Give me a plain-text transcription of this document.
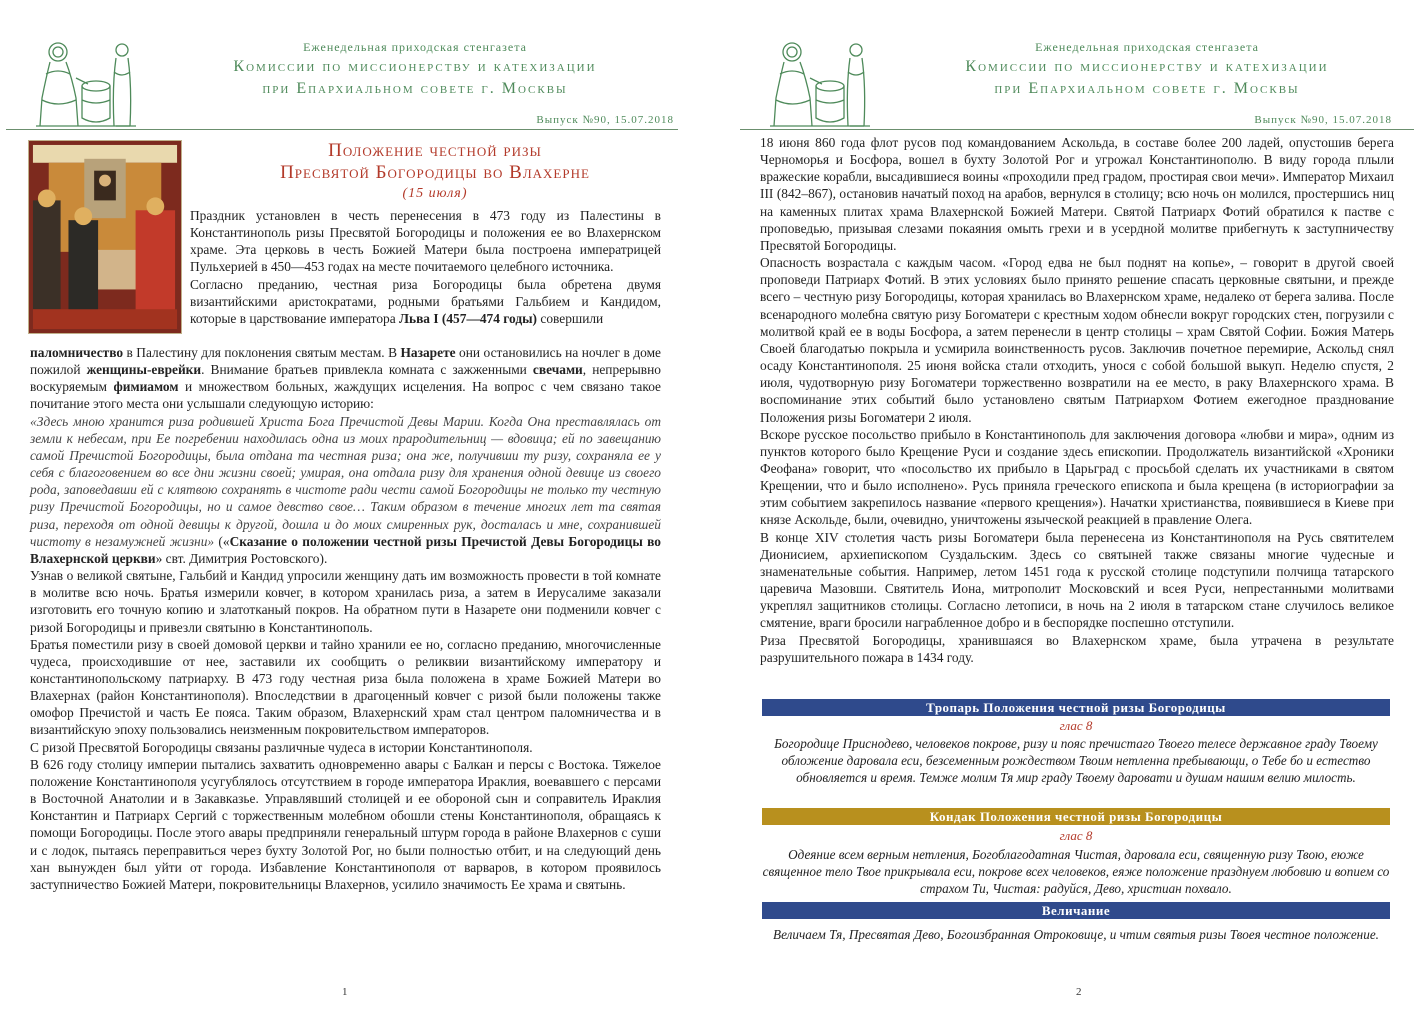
Еженедельная приходская стенгазета
Комиссии по миссионерству и катехизации
при Епархиальном совете г. Москвы
Выпуск №90, 15.07.2018
Положение честной ризы
Пресвятой Богородицы во Влахерне
(15 июля)

Праздник установлен в честь перенесения в 473 году из Палестины в Константинополь ризы Пресвятой Богородицы и положения ее во Влахернском храме. Эта церковь в честь Божией Матери была построена императрицей Пульхерией в 450—453 годах на месте почитаемого целебного источника.

Согласно преданию, честная риза Богородицы была обретена двумя византийскими аристократами, родными братьями Гальбием и Кандидом, которые в царствование императора Льва I (457—474 годы) совершили

паломничество в Палестину для поклонения святым местам. В Назарете они остановились на ночлег в доме пожилой женщины-еврейки. Внимание братьев привлекла комната с зажженными свечами, непрерывно воскуряемым фимиамом и множеством больных, жаждущих исцеления. На вопрос с чем связано такое почитание этого места они услышали следующую историю:

«Здесь мною хранится риза родившей Христа Бога Пречистой Девы Марии. Когда Она преставлялась от земли к небесам, при Ее погребении находилась одна из моих прародительниц — вдовица; ей по завещанию самой Пречистой Богородицы, была отдана та честная риза; она же, получивши ту ризу, сохраняла ее у себя с благоговением во все дни жизни своей; умирая, она отдала ризу для хранения одной девице из своего рода, заповедавши ей с клятвою сохранять в чистоте ради чести самой Богородицы не только ту честную ризу Пречистой Богородицы, но и самое девство свое… Таким образом в течение многих лет та святая риза, переходя от одной девицы к другой, дошла и до моих смиренных рук, досталась и мне, сохранившей чистоту в незамужней жизни» («Сказание о положении честной ризы Пречистой Девы Богородицы во Влахернской церкви» свт. Димитрия Ростовского).

Узнав о великой святыне, Гальбий и Кандид упросили женщину дать им возможность провести в той комнате в молитве всю ночь. Братья измерили ковчег, в котором хранилась риза, а затем в Иерусалиме заказали изготовить его точную копию и златотканый покров. На обратном пути в Назарете они подменили ковчег с ризой Богородицы и привезли святыню в Константинополь.

Братья поместили ризу в своей домовой церкви и тайно хранили ее но, согласно преданию, многочисленные чудеса, происходившие от нее, заставили их сообщить о реликвии византийскому императору и константинопольскому патриарху. В 473 году честная риза была положена в храме Божией Матери во Влахернах (район Константинополя). Впоследствии в драгоценный ковчег с ризой были положены также омофор Пречистой и часть Ее пояса. Таким образом, Влахернский храм стал центром паломничества и в византийскую эпоху пользовались неизменным покровительством императоров.

С ризой Пресвятой Богородицы связаны различные чудеса в истории Константинополя.

В 626 году столицу империи пытались захватить одновременно авары с Балкан и персы с Востока. Тяжелое положение Константинополя усугублялось отсутствием в городе императора Ираклия, воевавшего с персами в Восточной Анатолии и в Закавказье. Управлявший столицей и ее обороной сын и соправитель Ираклия Константин и Патриарх Сергий с торжественным молебном обошли стены Константинополя, обращаясь к помощи Богородицы. После этого авары предприняли генеральный штурм города в районе Влахернов с суши и с лодок, пытаясь переправиться через бухту Золотой Рог, но были полностью отбит, и на следующий день хан вынужден был уйти от города. Избавление Константинополя от варваров, в котором проявилось заступничество Божией Матери, покровительницы Влахернов, усилило значимость Ее храма и святынь.

1
Еженедельная приходская стенгазета
Комиссии по миссионерству и катехизации
при Епархиальном совете г. Москвы
Выпуск №90, 15.07.2018

18 июня 860 года флот русов под командованием Аскольда, в составе более 200 ладей, опустошив берега Черноморья и Босфора, вошел в бухту Золотой Рог и угрожал Константинополю. В виду города плыли вражеские корабли, высадившиеся воины «проходили пред градом, простирая свои мечи». Император Михаил III (842–867), остановив начатый поход на арабов, вернулся в столицу; всю ночь он молился, простершись ниц на каменных плитах храма Влахернской Божией Матери. Святой Патриарх Фотий обратился к пастве с проповедью, призывая слезами покаяния омыть грехи и в усердной молитве прибегнуть к заступничеству Пресвятой Богородицы.

Опасность возрастала с каждым часом. «Город едва не был поднят на копье», – говорит в другой своей проповеди Патриарх Фотий. В этих условиях было принято решение спасать церковные святыни, и прежде всего – честную ризу Богородицы, которая хранилась во Влахернском храме, недалеко от берега залива. После всенародного молебна святую ризу Богоматери с крестным ходом обнесли вокруг городских стен, погрузили с молитвой край ее в воды Босфора, а затем перенесли в центр столицы – храм Святой Софии. Божия Матерь Своей благодатью покрыла и усмирила воинственность русов. Заключив почетное перемирие, Аскольд снял осаду Константинополя. 25 июня войска стали отходить, унося с собой большой выкуп. Неделю спустя, 2 июля, чудотворную ризу Богоматери торжественно возвратили на ее место, в раку Влахернского храма. В воспоминание этих событий было установлено святым Патриархом Фотием ежегодное празднование Положения ризы Богоматери 2 июля.

Вскоре русское посольство прибыло в Константинополь для заключения договора «любви и мира», одним из пунктов которого было Крещение Руси и создание здесь епископии. Продолжатель византийской «Хроники Феофана» говорит, что «посольство их прибыло в Царьград с просьбой сделать их участниками в святом Крещении, что и было исполнено». Русь приняла греческого епископа и была крещена (в историографии за этим событием закрепилось название «первого крещения»). Начатки христианства, появившиеся в Киеве при князе Аскольде, были, очевидно, уничтожены языческой реакцией в правление Олега.

В конце XIV столетия часть ризы Богоматери была перенесена из Константинополя на Русь святителем Дионисием, архиепископом Суздальским. Здесь со святыней также связаны многие чудесные и знаменательные события. Например, летом 1451 года к русской столице подступили полчища татарского царевича Мазовши. Святитель Иона, митрополит Московский и всея Руси, непрестанными молитвами укреплял защитников столицы. Согласно летописи, в ночь на 2 июля в татарском стане случилось великое смятение, враги бросили награбленное добро и в беспорядке поспешно отступили.

Риза Пресвятой Богородицы, хранившаяся во Влахернском храме, была утрачена в результате разрушительного пожара в 1434 году.

Тропарь Положения честной ризы Богородицы
глас 8
Богородице Приснодево, человеков покрове, ризу и пояс пречистаго Твоего телесе державное граду Твоему обложение даровала еси, безсеменным рождеством Твоим нетленна пребывающи, о Тебе бо и естество обновляется и время. Темже молим Тя мир граду Твоему даровати и душам нашим велию милость.
Кондак Положения честной ризы Богородицы
глас 8
Одеяние всем верным нетления, Богоблагодатная Чистая, даровала еси, священную ризу Твою, еюже священное тело Твое прикрывала еси, покрове всех человеков, еяже положение празднуем любовию и вопием со страхом Ти, Чистая: радуйся, Дево, христиан похвало.
Величание
Величаем Тя, Пресвятая Дево, Богоизбранная Отроковице, и чтим святыя ризы Твоея честное положение.
2
